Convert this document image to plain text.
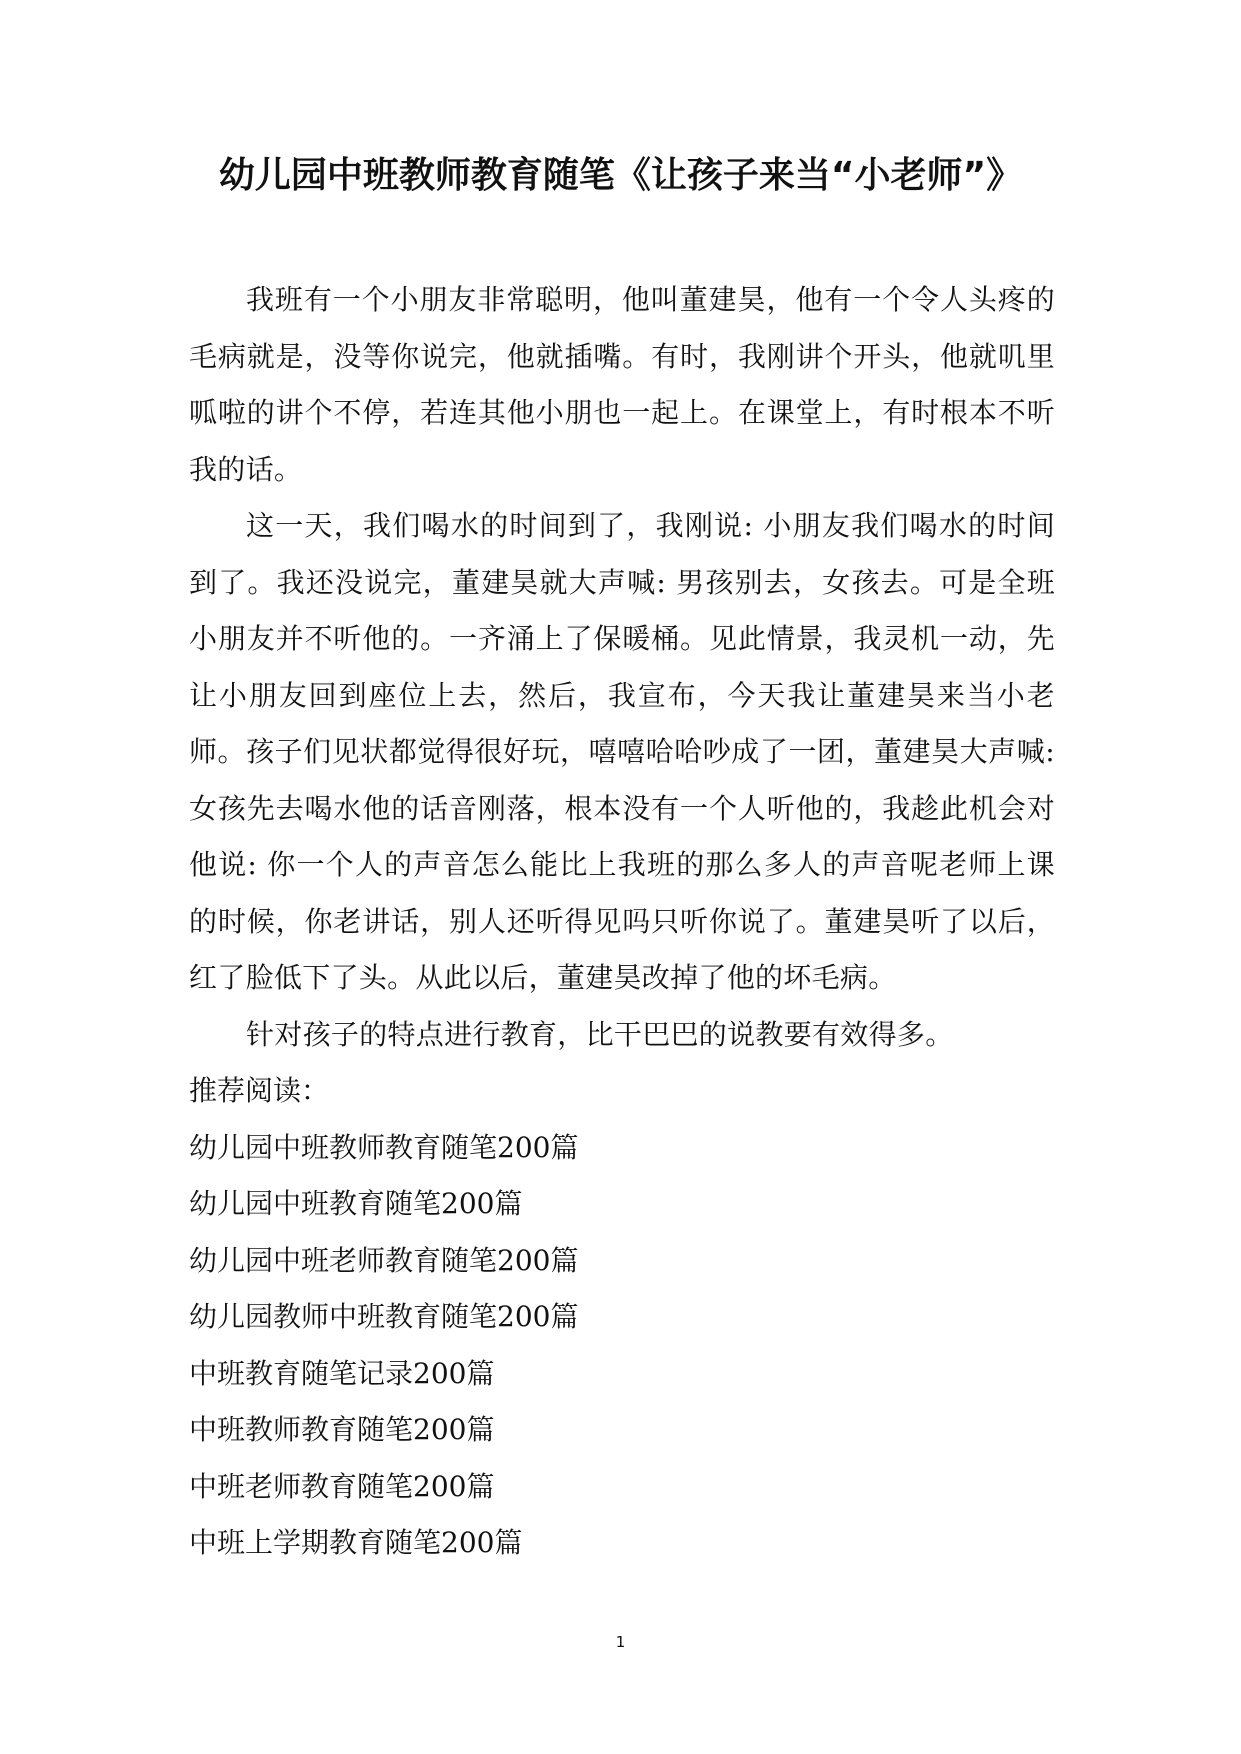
幼儿园中班教师教育随笔《让孩子来当“小老师”》

我班有一个小朋友非常聪明，他叫董建昊，他有一个令人头疼的毛病就是，没等你说完，他就插嘴。有时，我刚讲个开头，他就叽里呱啦的讲个不停，若连其他小朋也一起上。在课堂上，有时根本不听我的话。

这一天，我们喝水的时间到了，我刚说: 小朋友我们喝水的时间到了。我还没说完，董建昊就大声喊: 男孩别去，女孩去。可是全班小朋友并不听他的。一齐涌上了保暖桶。见此情景，我灵机一动，先让小朋友回到座位上去，然后，我宣布，今天我让董建昊来当小老师。孩子们见状都觉得很好玩，嘻嘻哈哈吵成了一团，董建昊大声喊: 女孩先去喝水他的话音刚落，根本没有一个人听他的，我趁此机会对他说: 你一个人的声音怎么能比上我班的那么多人的声音呢老师上课的时候，你老讲话，别人还听得见吗只听你说了。董建昊听了以后，红了脸低下了头。从此以后，董建昊改掉了他的坏毛病。

针对孩子的特点进行教育，比干巴巴的说教要有效得多。

推荐阅读：

幼儿园中班教师教育随笔200篇
幼儿园中班教育随笔200篇
幼儿园中班老师教育随笔200篇
幼儿园教师中班教育随笔200篇
中班教育随笔记录200篇
中班教师教育随笔200篇
中班老师教育随笔200篇
中班上学期教育随笔200篇
1
